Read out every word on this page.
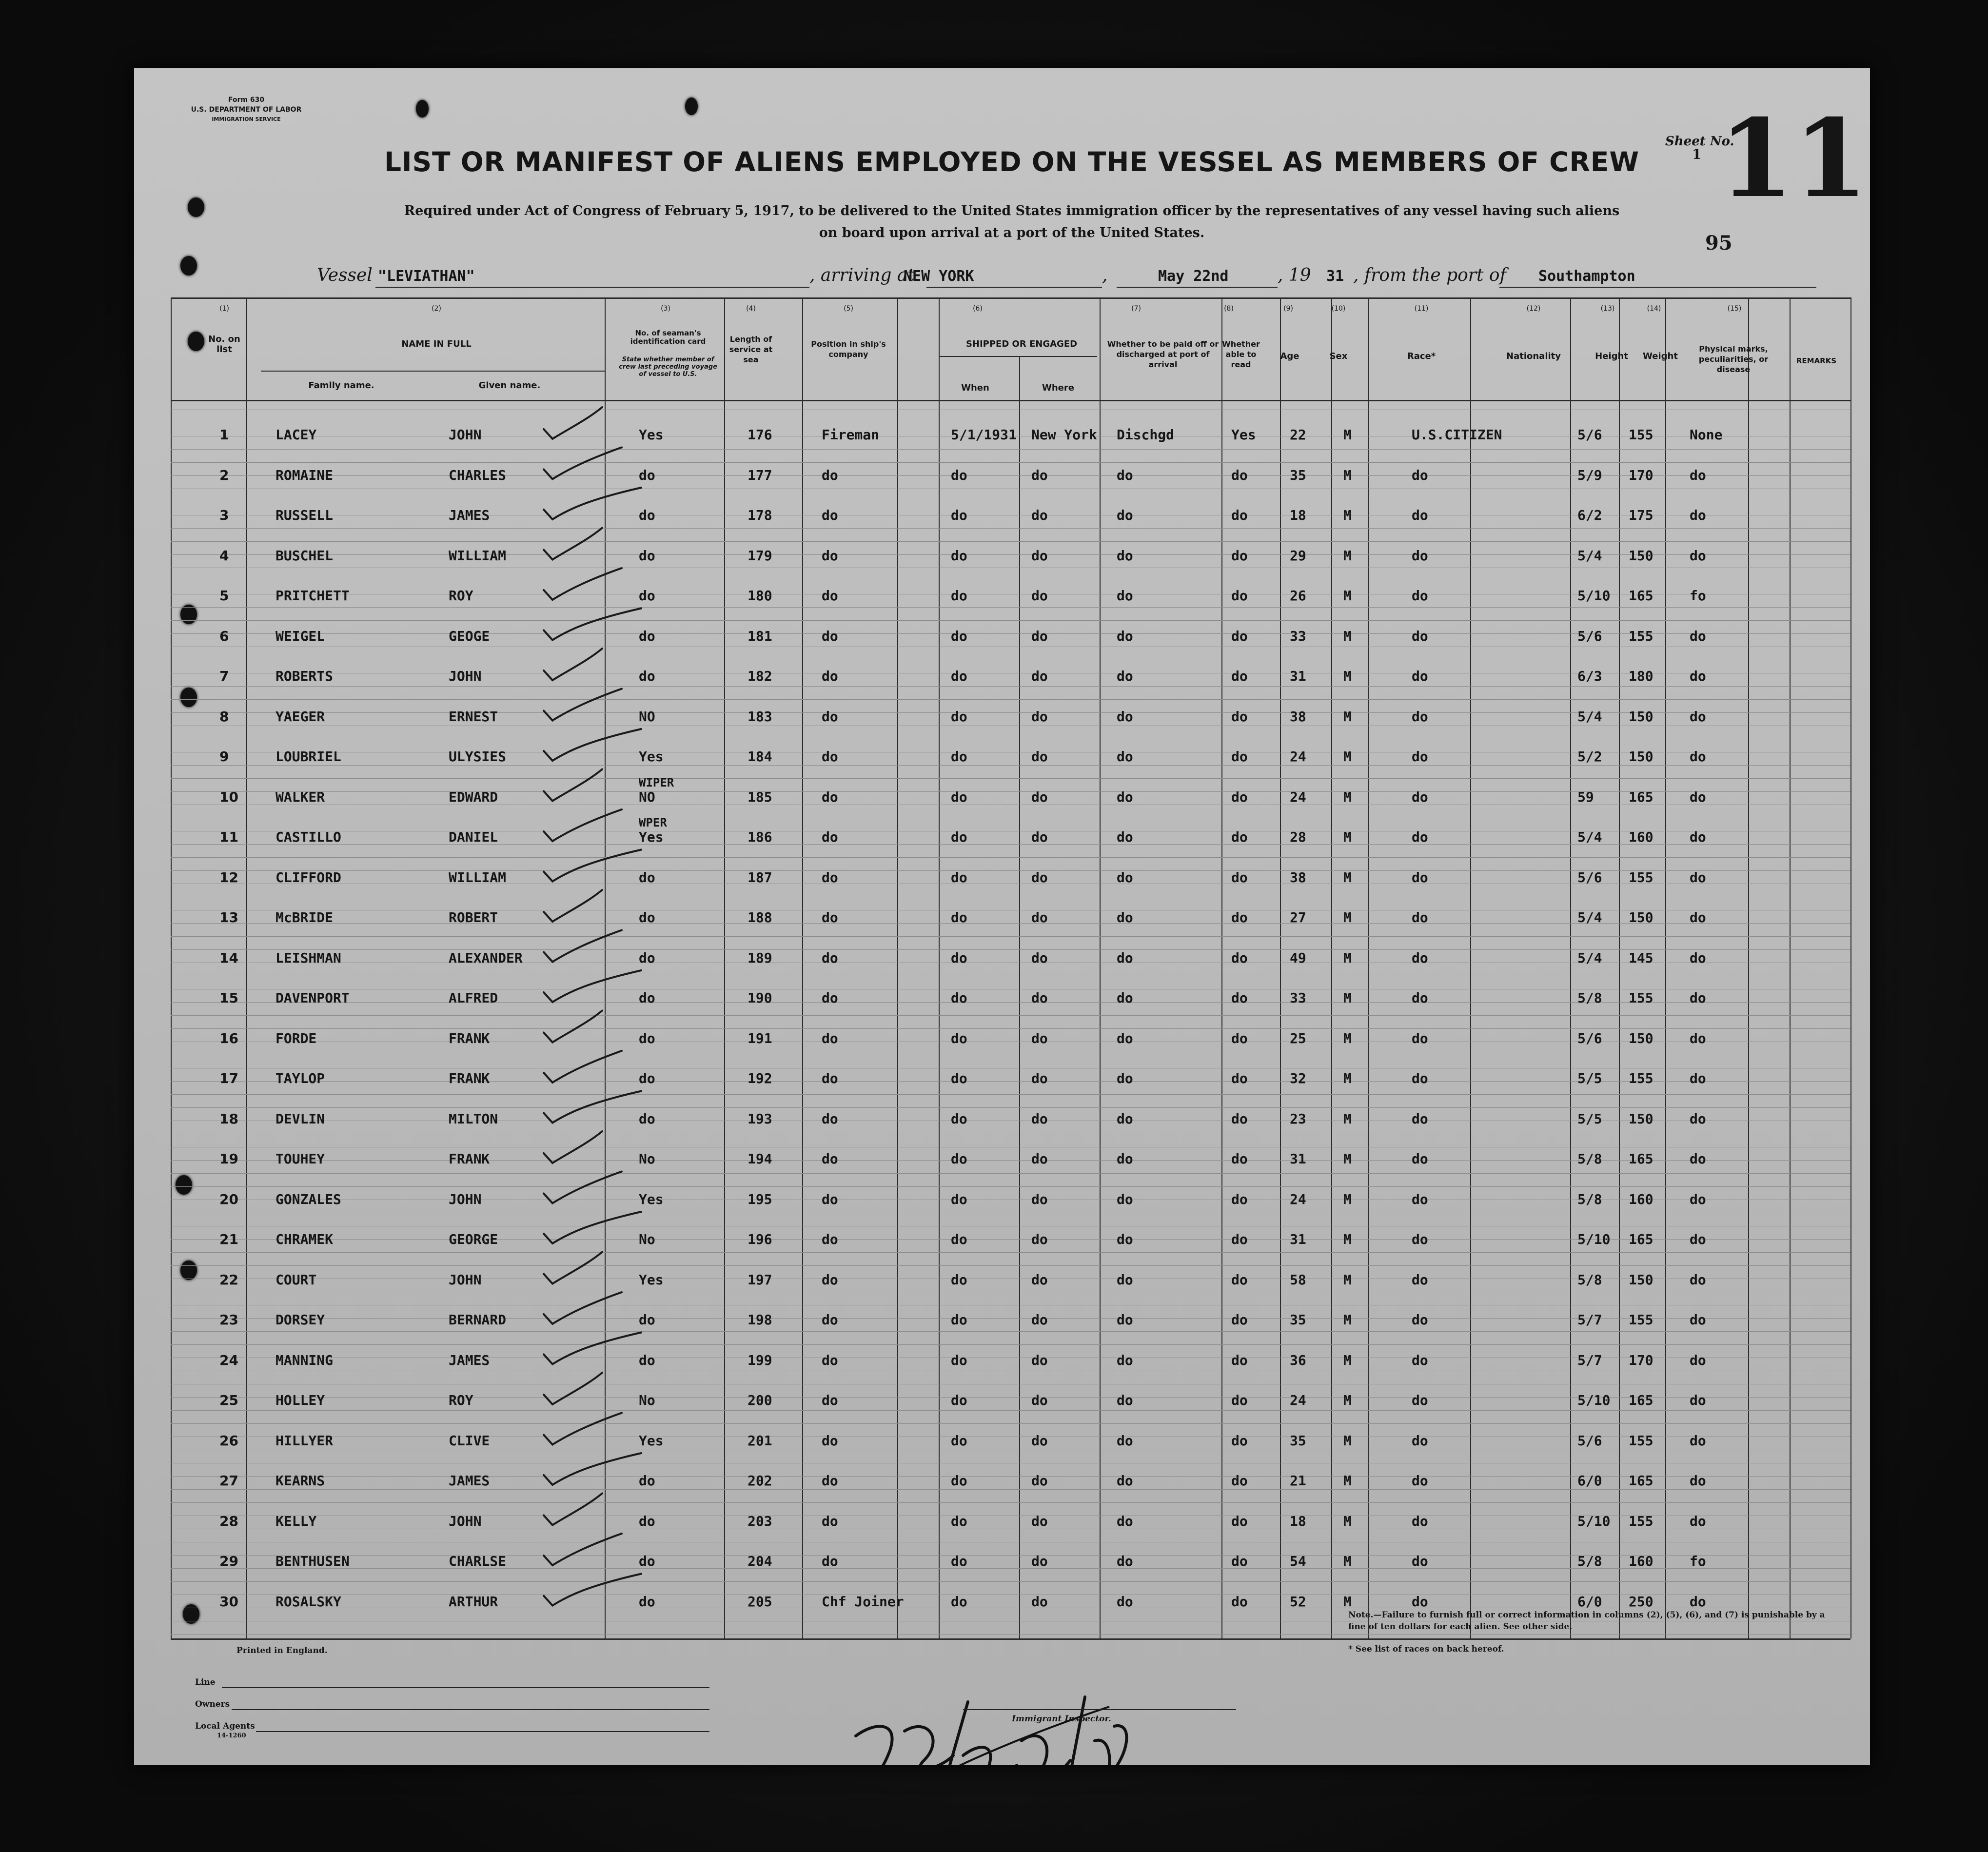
Form 630
U.S. DEPARTMENT OF LABOR
IMMIGRATION SERVICE
LIST OR MANIFEST OF ALIENS EMPLOYED ON THE VESSEL AS MEMBERS OF CREW
Required under Act of Congress of February 5, 1917, to be delivered to the United States immigration officer by the representatives of any vessel having such aliens
on board upon arrival at a port of the United States.
Sheet No.
1 11
95
Vessel "LEVIATHAN"	, arriving at
NEW YORK	,	May 22nd	, 19 31 , from the port of Southampton
(1)	(2)	(3)	(4)	(5)	(6)	(7)	(8)	(9)	(10)	(11)	(12)	(13)	(14)	(15)
No. on list
NAME IN FULL
Family name.	Given name.
No. of seaman's identification card
State whether member of crew last preceding voyage of vessel to U.S.
Length of service at sea
Position in ship's company
SHIPPED OR ENGAGED
When	Where
Whether to be paid off or discharged at port of arrival
Whether able to read
Age	Sex	Race*	Nationality	Height	Weight
Physical marks, peculiarities, or disease
REMARKS
1	LACEY	JOHN	Yes	176	Fireman	5/1/1931 New York Dischgd	Yes 22	M	U.S.CITIZEN	5/6 155	None
2	ROMAINE	CHARLES	do	177	do	do	do	do	do	35	M	do	5/9 170	do
3	RUSSELL	JAMES	do	178	do	do	do	do	do	18	M	do	6/2 175	do
4	BUSCHEL	WILLIAM	do	179	do	do	do	do	do	29	M	do	5/4 150	do
5	PRITCHETT	ROY	do	180	do	do	do	do	do	26	M	do	5/10 165	fo
6	WEIGEL	GEOGE	do	181	do	do	do	do	do	33	M	do	5/6 155	do
7	ROBERTS	JOHN	do	182	do	do	do	do	do	31	M	do	6/3 180	do
8	YAEGER	ERNEST	NO	183	do	do	do	do	do	38	M	do	5/4 150	do
9	LOUBRIEL	ULYSIES	Yes	184	do	do	do	do	do	24	M	do	5/2 150	do
10	WALKER	EDWARD	NO	185	do	do	do	do	do	24	M	do	59	165	do
WIPER
11	CASTILLO	DANIEL	Yes	186	do	do	do	do	do	28	M	do	5/4 160	do
WPER
12	CLIFFORD	WILLIAM	do	187	do	do	do	do	do	38	M	do	5/6 155	do
13	McBRIDE	ROBERT	do	188	do	do	do	do	do	27	M	do	5/4 150	do
14	LEISHMAN	ALEXANDER	do	189	do	do	do	do	do	49	M	do	5/4 145	do
15	DAVENPORT	ALFRED	do	190	do	do	do	do	do	33	M	do	5/8 155	do
16	FORDE	FRANK	do	191	do	do	do	do	do	25	M	do	5/6 150	do
17	TAYLOP	FRANK	do	192	do	do	do	do	do	32	M	do	5/5 155	do
18	DEVLIN	MILTON	do	193	do	do	do	do	do	23	M	do	5/5 150	do
19	TOUHEY	FRANK	No	194	do	do	do	do	do	31	M	do	5/8 165	do
20	GONZALES	JOHN	Yes	195	do	do	do	do	do	24	M	do	5/8 160	do
21	CHRAMEK	GEORGE	No	196	do	do	do	do	do	31	M	do	5/10 165	do
22	COURT	JOHN	Yes	197	do	do	do	do	do	58	M	do	5/8 150	do
23	DORSEY	BERNARD	do	198	do	do	do	do	do	35	M	do	5/7 155	do
24	MANNING	JAMES	do	199	do	do	do	do	do	36	M	do	5/7 170	do
25	HOLLEY	ROY	No	200	do	do	do	do	do	24	M	do	5/10 165	do
26	HILLYER	CLIVE	Yes	201	do	do	do	do	do	35	M	do	5/6 155	do
27	KEARNS	JAMES	do	202	do	do	do	do	do	21	M	do	6/0 165	do
28	KELLY	JOHN	do	203	do	do	do	do	do	18	M	do	5/10 155	do
29	BENTHUSEN	CHARLSE	do	204	do	do	do	do	do	54	M	do	5/8 160	fo
30	ROSALSKY	ARTHUR	do	205	Chf Joiner	do	do	do	do	52	M	do	6/0 250	do
Printed in England.
Line
Owners
Local Agents
14-1260
Immigrant Inspector.
* See list of races on back hereof.
Note.—Failure to furnish full or correct information in columns (2), (5), (6), and (7) is punishable by a fine of ten dollars for each alien. See other side.
